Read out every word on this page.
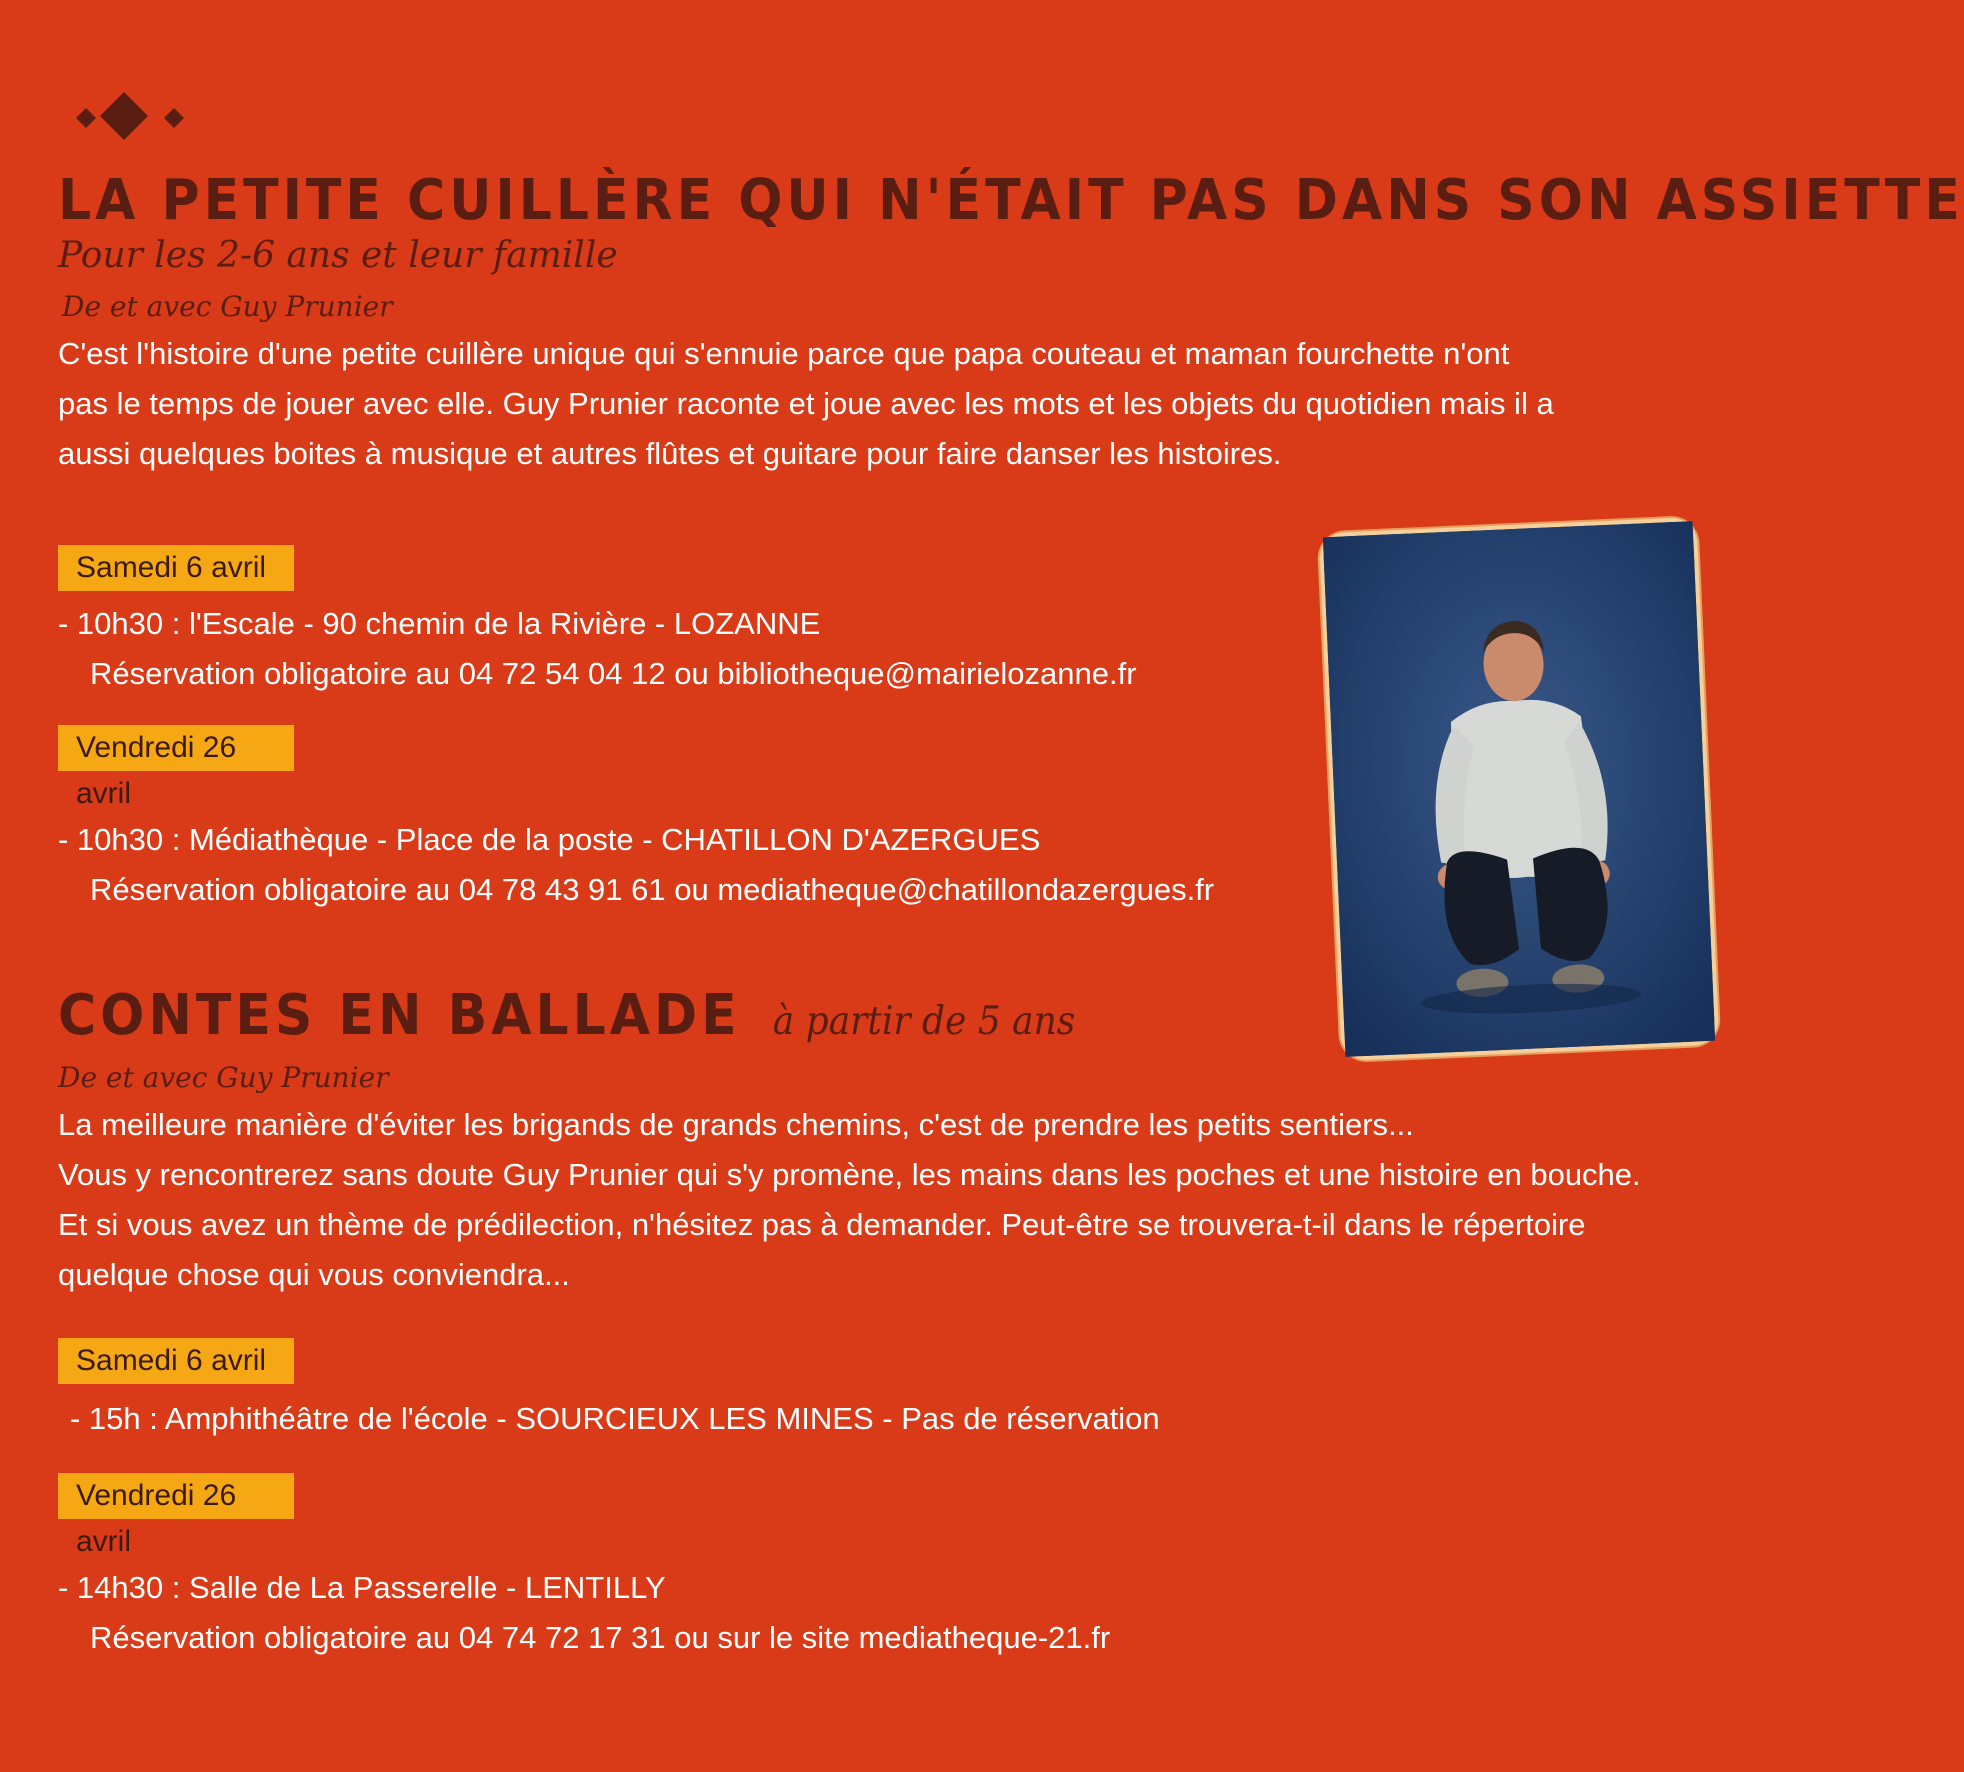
LA PETITE CUILLÈRE QUI N'ÉTAIT PAS DANS SON ASSIETTE

Pour les 2-6 ans et leur famille

De et avec Guy Prunier

C'est l'histoire d'une petite cuillère unique qui s'ennuie parce que papa couteau et maman fourchette n'ont

pas le temps de jouer avec elle. Guy Prunier raconte et joue avec les mots et les objets du quotidien mais il a

aussi quelques boites à musique et autres flûtes et guitare pour faire danser les histoires.

Samedi 6 avril

- 10h30 : l'Escale - 90 chemin de la Rivière - LOZANNE

Réservation obligatoire au 04 72 54 04 12 ou bibliotheque@mairielozanne.fr

Vendredi 26 avril

- 10h30 : Médiathèque - Place de la poste - CHATILLON D'AZERGUES

Réservation obligatoire au 04 78 43 91 61 ou mediatheque@chatillondazergues.fr

CONTES EN BALLADE à partir de 5 ans

De et avec Guy Prunier

La meilleure manière d'éviter les brigands de grands chemins, c'est de prendre les petits sentiers...

Vous y rencontrerez sans doute Guy Prunier qui s'y promène, les mains dans les poches et une histoire en bouche.

Et si vous avez un thème de prédilection, n'hésitez pas à demander. Peut-être se trouvera-t-il dans le répertoire

quelque chose qui vous conviendra...

Samedi 6 avril

- 15h : Amphithéâtre de l'école - SOURCIEUX LES MINES - Pas de réservation

Vendredi 26 avril

- 14h30 : Salle de La Passerelle - LENTILLY

Réservation obligatoire au 04 74 72 17 31 ou sur le site mediatheque-21.fr
